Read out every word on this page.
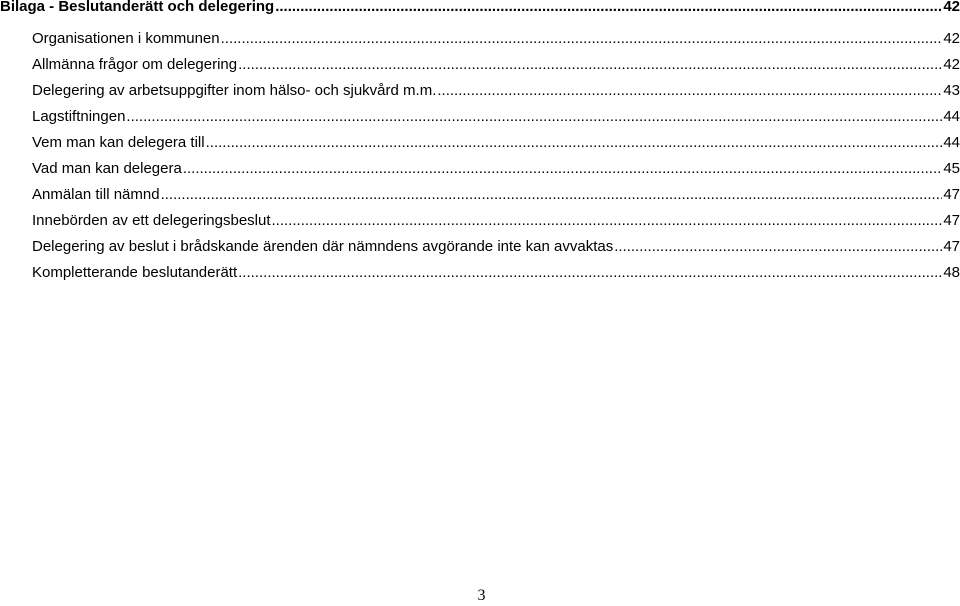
Bilaga - Beslutanderätt och delegering .....	42
Organisationen i kommunen .....	42
Allmänna frågor om delegering .....	42
Delegering av arbetsuppgifter inom hälso- och sjukvård m.m. .....	43
Lagstiftningen .....	44
Vem man kan delegera till .....	44
Vad man kan delegera .....	45
Anmälan till nämnd .....	47
Innebörden av ett delegeringsbeslut .....	47
Delegering av beslut i brådskande ärenden där nämndens avgörande inte kan avvaktas .....	47
Kompletterande beslutanderätt .....	48
3
